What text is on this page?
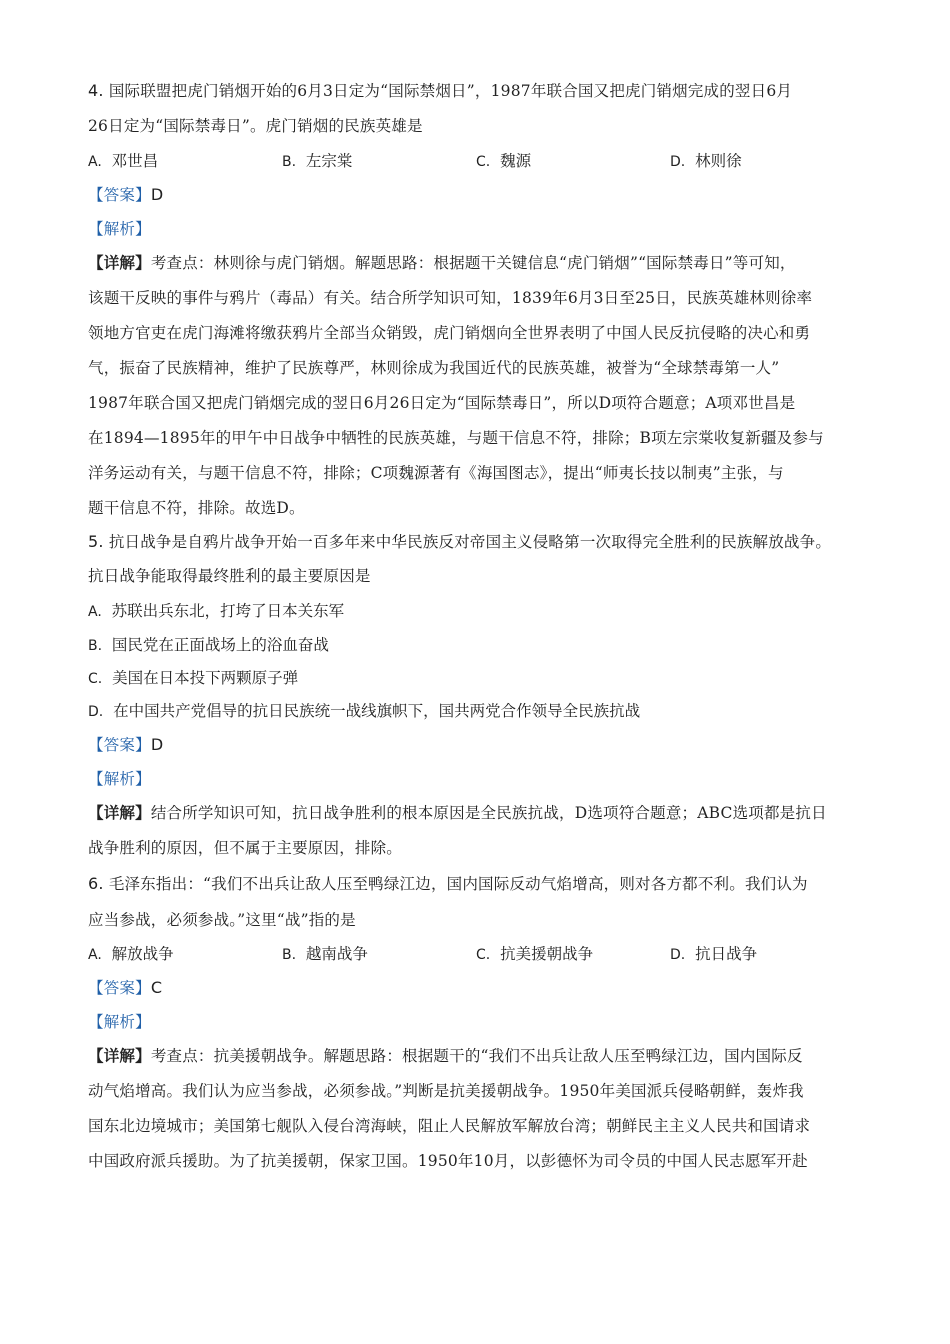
4. 国际联盟把虎门销烟开始的6月3日定为“国际禁烟日”，1987年联合国又把虎门销烟完成的翌日6月
26日定为“国际禁毒日”。虎门销烟的民族英雄是
A. 邓世昌	B. 左宗棠	C. 魏源	D. 林则徐
【答案】D
【解析】
【详解】考查点：林则徐与虎门销烟。解题思路：根据题干关键信息“虎门销烟”“国际禁毒日”等可知，
该题干反映的事件与鸦片（毒品）有关。结合所学知识可知，1839年6月3日至25日，民族英雄林则徐率
领地方官吏在虎门海滩将缴获鸦片全部当众销毁，虎门销烟向全世界表明了中国人民反抗侵略的决心和勇
气，振奋了民族精神，维护了民族尊严，林则徐成为我国近代的民族英雄，被誉为“全球禁毒第一人”
1987年联合国又把虎门销烟完成的翌日6月26日定为“国际禁毒日”，所以D项符合题意；A项邓世昌是
在1894—1895年的甲午中日战争中牺牲的民族英雄，与题干信息不符，排除；B项左宗棠收复新疆及参与
洋务运动有关，与题干信息不符，排除；C项魏源著有《海国图志》，提出“师夷长技以制夷”主张，与
题干信息不符，排除。故选D。
5. 抗日战争是自鸦片战争开始一百多年来中华民族反对帝国主义侵略第一次取得完全胜利的民族解放战争。
抗日战争能取得最终胜利的最主要原因是
A. 苏联出兵东北，打垮了日本关东军
B. 国民党在正面战场上的浴血奋战
C. 美国在日本投下两颗原子弹
D. 在中国共产党倡导的抗日民族统一战线旗帜下，国共两党合作领导全民族抗战
【答案】D
【解析】
【详解】结合所学知识可知，抗日战争胜利的根本原因是全民族抗战，D选项符合题意；ABC选项都是抗日
战争胜利的原因，但不属于主要原因，排除。
6. 毛泽东指出：“我们不出兵让敌人压至鸭绿江边，国内国际反动气焰增高，则对各方都不利。我们认为
应当参战，必须参战。”这里“战”指的是
A. 解放战争	B. 越南战争	C. 抗美援朝战争	D. 抗日战争
【答案】C
【解析】
【详解】考查点：抗美援朝战争。解题思路：根据题干的“我们不出兵让敌人压至鸭绿江边，国内国际反
动气焰增高。我们认为应当参战，必须参战。”判断是抗美援朝战争。1950年美国派兵侵略朝鲜，轰炸我
国东北边境城市；美国第七舰队入侵台湾海峡，阻止人民解放军解放台湾；朝鲜民主主义人民共和国请求
中国政府派兵援助。为了抗美援朝，保家卫国。1950年10月，以彭德怀为司令员的中国人民志愿军开赴
